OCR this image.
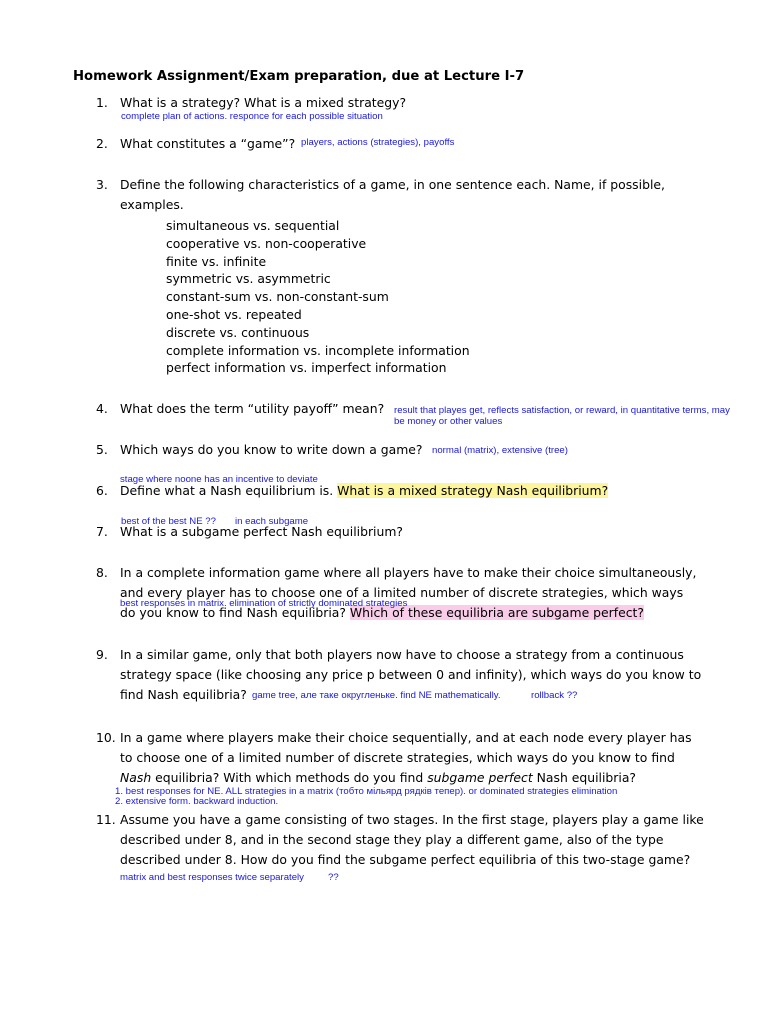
Homework Assignment/Exam preparation, due at Lecture I-7
1. What is a strategy? What is a mixed strategy?
complete plan of actions. responce for each possible situation
2. What constitutes a “game”? players, actions (strategies), payoffs
3. Define the following characteristics of a game, in one sentence each. Name, if possible, examples.
simultaneous vs. sequential
cooperative vs. non-cooperative
finite vs. infinite
symmetric vs. asymmetric
constant-sum vs. non-constant-sum
one-shot vs. repeated
discrete vs. continuous
complete information vs. incomplete information
perfect information vs. imperfect information
4. What does the term “utility payoff” mean?	result that playes get, reflects satisfaction, or reward, in quantitative terms, may
be money or other values
5. Which ways do you know to write down a game? normal (matrix), extensive (tree)
stage where noone has an incentive to deviate
6. Define what a Nash equilibrium is. What is a mixed strategy Nash equilibrium?
best of the best NE ?? in each subgame
7. What is a subgame perfect Nash equilibrium?
8. In a complete information game where all players have to make their choice simultaneously,
and every player has to choose one of a limited number of discrete strategies, which ways
do you know to find Nash equilibria? Which of these equilibria are subgame perfect?
best responses in matrix. elimination of strictly dominated strategies
9. In a similar game, only that both players now have to choose a strategy from a continuous
strategy space (like choosing any price p between 0 and infinity), which ways do you know to
find Nash equilibria? game tree, але таке округленьке. find NE mathematically.	rollback ??
10. In a game where players make their choice sequentially, and at each node every player has
to choose one of a limited number of discrete strategies, which ways do you know to find
Nash equilibria? With which methods do you find subgame perfect Nash equilibria?
1. best responses for NE. ALL strategies in a matrix (тобто мільярд рядків тепер). or dominated strategies elimination
2. extensive form. backward induction.
11. Assume you have a game consisting of two stages. In the first stage, players play a game like
described under 8, and in the second stage they play a different game, also of the type
described under 8. How do you find the subgame perfect equilibria of this two-stage game?
matrix and best responses twice separately	??
